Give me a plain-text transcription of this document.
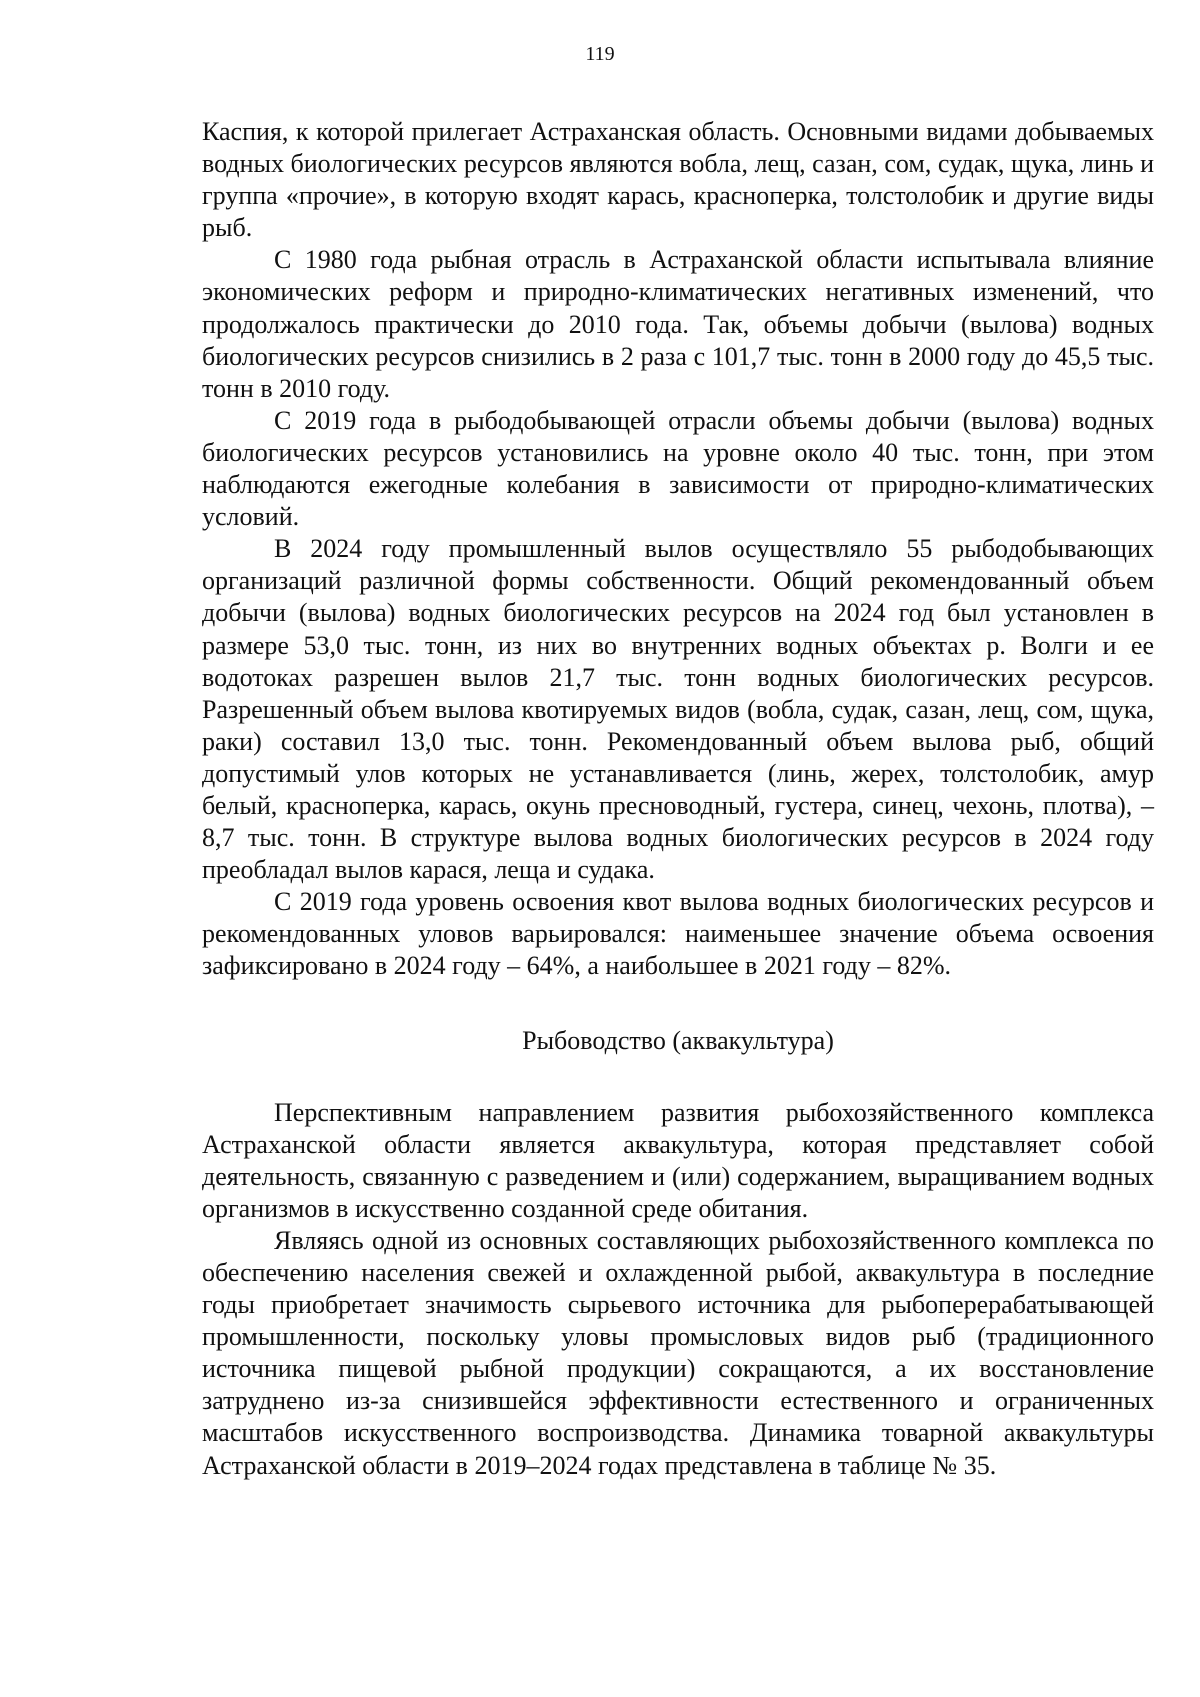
119

Каспия, к которой прилегает Астраханская область. Основными видами добываемых водных биологических ресурсов являются вобла, лещ, сазан, сом, судак, щука, линь и группа «прочие», в которую входят карась, красноперка, толстолобик и другие виды рыб.

С 1980 года рыбная отрасль в Астраханской области испытывала влияние экономических реформ и природно-климатических негативных изменений, что продолжалось практически до 2010 года. Так, объемы добычи (вылова) водных биологических ресурсов снизились в 2 раза с 101,7 тыс. тонн в 2000 году до 45,5 тыс. тонн в 2010 году.

С 2019 года в рыбодобывающей отрасли объемы добычи (вылова) водных биологических ресурсов установились на уровне около 40 тыс. тонн, при этом наблюдаются ежегодные колебания в зависимости от природно-климатических условий.

В 2024 году промышленный вылов осуществляло 55 рыбодобывающих организаций различной формы собственности. Общий рекомендованный объем добычи (вылова) водных биологических ресурсов на 2024 год был установлен в размере 53,0 тыс. тонн, из них во внутренних водных объектах р. Волги и ее водотоках разрешен вылов 21,7 тыс. тонн водных биологических ресурсов. Разрешенный объем вылова квотируемых видов (вобла, судак, сазан, лещ, сом, щука, раки) составил 13,0 тыс. тонн. Рекомендованный объем вылова рыб, общий допустимый улов которых не устанавливается (линь, жерех, толстолобик, амур белый, красноперка, карась, окунь пресноводный, густера, синец, чехонь, плотва), – 8,7 тыс. тонн. В структуре вылова водных биологических ресурсов в 2024 году преобладал вылов карася, леща и судака.

С 2019 года уровень освоения квот вылова водных биологических ресурсов и рекомендованных уловов варьировался: наименьшее значение объема освоения зафиксировано в 2024 году – 64%, а наибольшее в 2021 году – 82%.

Рыбоводство (аквакультура)

Перспективным направлением развития рыбохозяйственного комплекса Астраханской области является аквакультура, которая представляет собой деятельность, связанную с разведением и (или) содержанием, выращиванием водных организмов в искусственно созданной среде обитания.

Являясь одной из основных составляющих рыбохозяйственного комплекса по обеспечению населения свежей и охлажденной рыбой, аквакультура в последние годы приобретает значимость сырьевого источника для рыбоперерабатывающей промышленности, поскольку уловы промысловых видов рыб (традиционного источника пищевой рыбной продукции) сокращаются, а их восстановление затруднено из-за снизившейся эффективности естественного и ограниченных масштабов искусственного воспроизводства. Динамика товарной аквакультуры Астраханской области в 2019–2024 годах представлена в таблице № 35.
